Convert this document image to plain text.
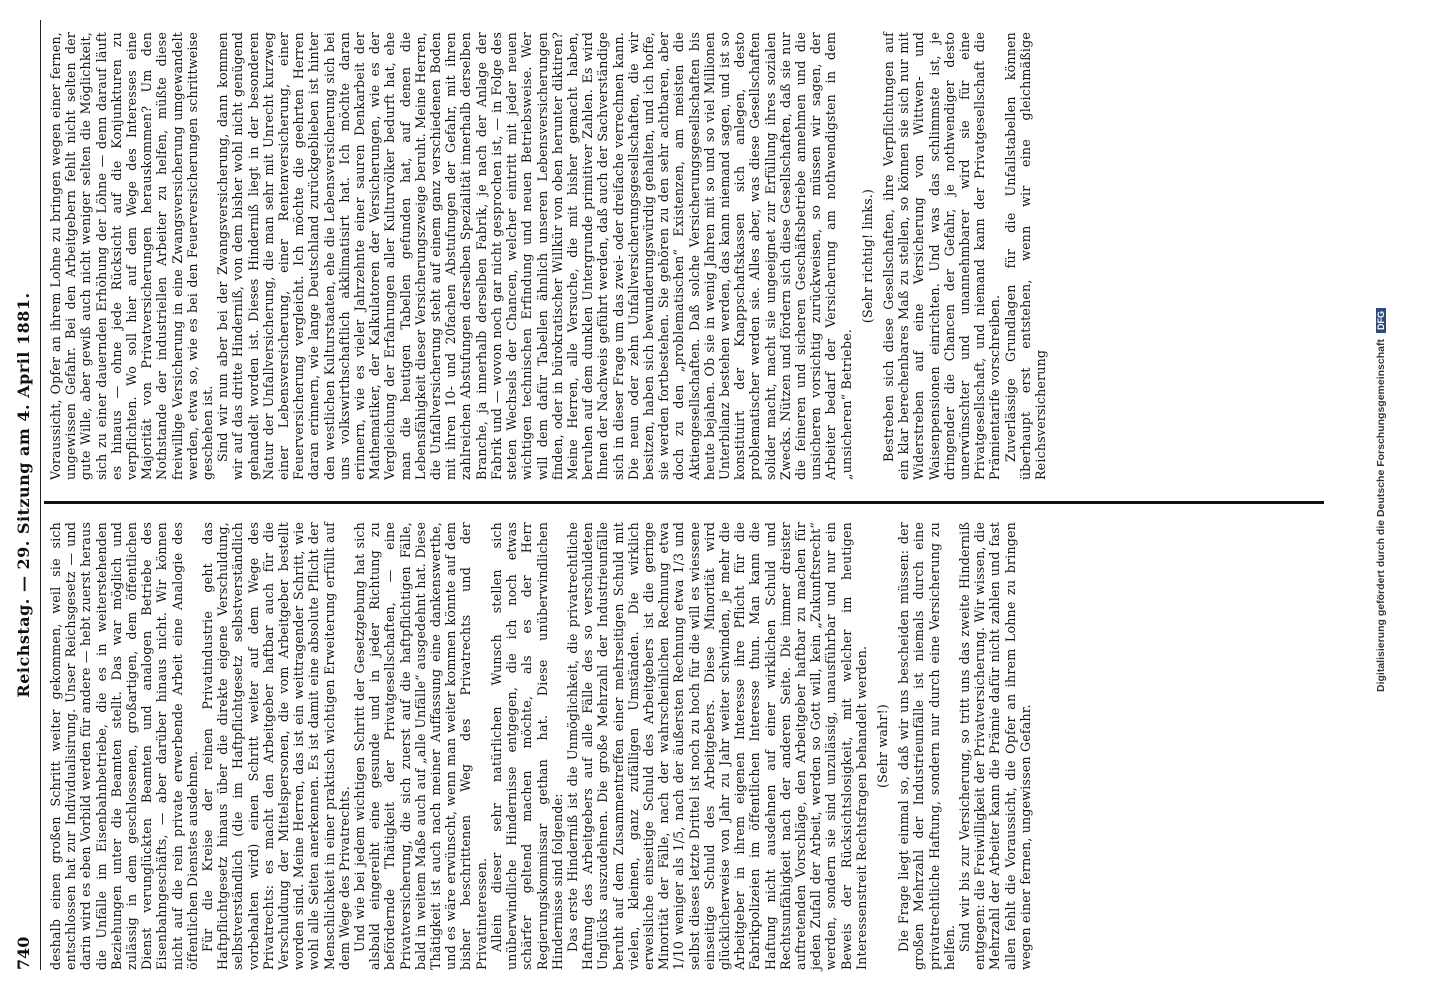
740
Reichstag. — 29. Sitzung am 4. April 1881.

deshalb einen großen Schritt weiter gekommen, weil sie sich entschlossen hat zur Individualisirung. Unser Reichsgesetz — und darin wird es eben Vorbild werden für andere — hebt zuerst heraus die Unfälle im Eisenbahnbetriebe, die es in weiterstehenden Beziehungen unter die Beamten stellt. Das war möglich und zulässig in dem geschlossenen, großartigen, dem öffentlichen Dienst verunglückten Beamten und analogen Betriebe des Eisenbahngeschäfts, — aber darüber hinaus nicht. Wir können nicht auf die rein private erwerbende Arbeit eine Analogie des öffentlichen Dienstes ausdehnen. Für die Kreise der reinen Privatindustrie geht das Haftpflichtgesetz hinaus über die direkte eigene Verschuldung, selbstverständlich (die im Haftpflichtgesetz selbstverständlich vorbehalten wird) einen Schritt weiter auf dem Wege des Privatrechts: es macht den Arbeitgeber haftbar auch für die Verschuldung der Mittelspersonen, die vom Arbeitgeber bestellt worden sind. Meine Herren, das ist ein weittragender Schritt, wie wohl alle Seiten anerkennen. Es ist damit eine absolute Pflicht der Menschlichkeit in einer praktisch wichtigen Erweiterung erfüllt auf dem Wege des Privatrechts. Und wie bei jedem wichtigen Schritt der Gesetzgebung hat sich alsbald eingereiht eine gesunde und in jeder Richtung zu befördernde Thätigkeit der Privatgesellschaften, — eine Privatversicherung, die sich zuerst auf die haftpflichtigen Fälle, bald in weitem Maße auch auf „alle Unfälle“ ausgedehnt hat. Diese Thätigkeit ist auch nach meiner Auffassung eine dankenswerthe, und es wäre erwünscht, wenn man weiter kommen könnte auf dem bisher beschrittenen Weg des Privatrechts und der Privatinteressen. Allein dieser sehr natürlichen Wunsch stellen sich unüberwindliche Hindernisse entgegen, die ich noch etwas schärfer geltend machen möchte, als es der Herr Regierungskommissar gethan hat. Diese unüberwindlichen Hindernisse sind folgende: Das erste Hinderniß ist die Unmöglichkeit, die privatrechtliche Haftung des Arbeitgebers auf alle Fälle des so verschuldeten Unglücks auszudehnen. Die große Mehrzahl der Industrieunfälle beruht auf dem Zusammentreffen einer mehrseitigen Schuld mit vielen, kleinen, ganz zufälligen Umständen. Die wirklich erweisliche einseitige Schuld des Arbeitgebers ist die geringe Minorität der Fälle, nach der wahrscheinlichen Rechnung etwa 1/10 weniger als 1/5, nach der äußersten Rechnung etwa 1/3 und selbst dieses letzte Drittel ist noch zu hoch für die will es wiessene einseitige Schuld des Arbeitgebers. Diese Minorität wird glücklicherweise von Jahr zu Jahr weiter schwinden, je mehr die Arbeitgeber in ihrem eigenen Interesse ihre Pflicht für die Fabrikpolizeien im öffentlichen Interesse thun. Man kann die Haftung nicht ausdehnen auf einer wirklichen Schuld und Rechtsunfähigkeit nach der anderen Seite. Die immer dreister auftretenden Vorschläge, den Arbeitgeber haftbar zu machen für jeden Zufall der Arbeit, werden so Gott will, kein „Zukunftsrecht“ werden, sondern sie sind unzulässig, unausführbar und nur ein Beweis der Rücksichtslosigkeit, mit welcher im heutigen Interessenstreit Rechtsfragen behandelt werden. (Sehr wahr!) Die Frage liegt einmal so, daß wir uns bescheiden müssen: der großen Mehrzahl der Industrieunfälle ist niemals durch eine privatrechtliche Haftung, sondern nur durch eine Versicherung zu helfen. Sind wir bis zur Versicherung, so tritt uns das zweite Hinderniß entgegen: die Freiwilligkeit der Privatversicherung. Wir wissen, die Mehrzahl der Arbeiter kann die Prämie dafür nicht zahlen und fast allen fehlt die Voraussicht, die Opfer an ihrem Lohne zu bringen wegen einer fernen, ungewissen Gefahr.

Voraussicht, Opfer an ihrem Lohne zu bringen wegen einer fernen, ungewissen Gefahr. Bei den Arbeitgebern fehlt nicht selten der gute Wille, aber gewiß auch nicht weniger selten die Möglichkeit, sich zu einer dauernden Erhöhung der Löhne — denn darauf läuft es hinaus — ohne jede Rücksicht auf die Konjunkturen zu verpflichten. Wo soll hier auf dem Wege des Interesses eine Majorität von Privatversicherungen herauskommen? Um den Nothstande der industriellen Arbeiter zu helfen, müßte diese freiwillige Versicherung in eine Zwangsversicherung umgewandelt werden, etwa so, wie es bei den Feuerversicherungen schrittweise geschehen ist. Sind wir nun aber bei der Zwangsversicherung, dann kommen wir auf das dritte Hinderniß, von dem bisher wohl nicht genügend gehandelt worden ist. Dieses Hinderniß liegt in der besonderen Natur der Unfallversicherung, die man sehr mit Unrecht kurzweg einer Lebensversicherung, einer Rentenversicherung, einer Feuerversicherung vergleicht. Ich möchte die geehrten Herren daran erinnern, wie lange Deutschland zurückgeblieben ist hinter den westlichen Kulturstaaten, ehe die Lebensversicherung sich bei uns volkswirthschaftlich akklimatisirt hat. Ich möchte daran erinnern, wie es vieler Jahrzehnte einer sauren Denkarbeit der Mathematiker, der Kalkulatoren der Versicherungen, wie es der Vergleichung der Erfahrungen aller Kulturvölker bedurft hat, ehe man die heutigen Tabellen gefunden hat, auf denen die Lebensfähigkeit dieser Versicherungszweige beruht. Meine Herren, die Unfallversicherung steht auf einem ganz verschiedenen Boden mit ihren 10- und 20fachen Abstufungen der Gefahr, mit ihren zahlreichen Abstufungen derselben Spezialität innerhalb derselben Branche, ja innerhalb derselben Fabrik, je nach der Anlage der Fabrik und — wovon noch gar nicht gesprochen ist, — in Folge des steten Wechsels der Chancen, welcher eintritt mit jeder neuen wichtigen technischen Erfindung und neuen Betriebsweise. Wer will dem dafür Tabellen ähnlich unseren Lebensversicherungen finden, oder in bürokratischer Willkür von oben herunter diktiren? Meine Herren, alle Versuche, die mit bisher gemacht haben, beruhen auf dem dunklen Untergrunde primitiver Zahlen. Es wird Ihnen der Nachweis geführt werden, daß auch der Sachverständige sich in dieser Frage um das zwei- oder dreifache verrechnen kann. Die neun oder zehn Unfallversicherungsgesellschaften, die wir besitzen, haben sich bewunderungswürdig gehalten, und ich hoffe, sie werden fortbestehen. Sie gehören zu den sehr achtbaren, aber doch zu den „problematischen“ Existenzen, am meisten die Aktiengesellschaften. Daß solche Versicherungsgesellschaften bis heute bejahen. Ob sie in wenig Jahren mit so und so viel Millionen Unterbilanz bestehen werden, das kann niemand sagen, und ist so konstituirt der Knappschaftskassen sich anlegen, desto problematischer werden sie. Alles aber, was diese Gesellschaften solider macht, macht sie ungeeignet zur Erfüllung ihres sozialen Zwecks. Nützen und fördern sich diese Gesellschaften, daß sie nur die feineren und sicheren Geschäftsbetriebe annehmen und die unsicheren vorsichtig zurückweisen, so müssen wir sagen, der Arbeiter bedarf der Versicherung am nothwendigsten in dem „unsicheren“ Betriebe.

(Sehr richtig! links.) Bestreben sich diese Gesellschaften, ihre Verpflichtungen auf ein klar berechenbares Maß zu stellen, so können sie sich nur mit Widerstreben auf eine Versicherung von Wittwen- und Waisenpensionen einrichten. Und was das schlimmste ist, je dringender die Chancen der Gefahr, je nothwendiger desto unerwünschter und unannehmbarer wird sie für eine Privatgesellschaft, und niemand kann der Privatgesellschaft die Prämientarife vorschreiben. Zuverlässige Grundlagen für die Unfallstabellen können überhaupt erst entstehen, wenn wir eine gleichmäßige Reichsversicherung	Digitalisierung gefördert durch die Deutsche ForschungsgemeinschaftDFG
